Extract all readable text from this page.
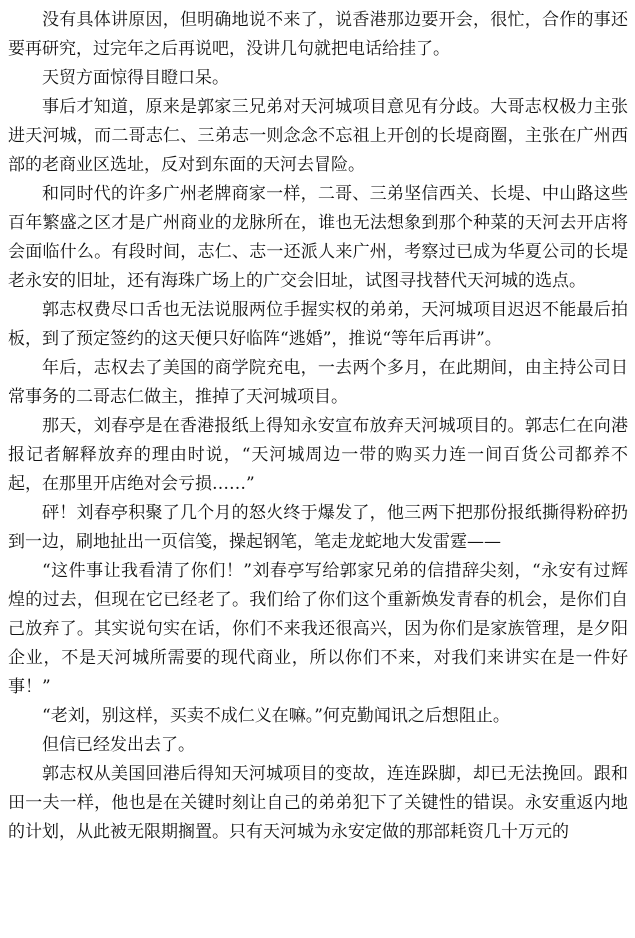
没有具体讲原因，但明确地说不来了，说香港那边要开会，很忙，合作的事还要再研究，过完年之后再说吧，没讲几句就把电话给挂了。

天贸方面惊得目瞪口呆。

事后才知道，原来是郭家三兄弟对天河城项目意见有分歧。大哥志权极力主张进天河城，而二哥志仁、三弟志一则念念不忘祖上开创的长堤商圈，主张在广州西部的老商业区选址，反对到东面的天河去冒险。

和同时代的许多广州老牌商家一样，二哥、三弟坚信西关、长堤、中山路这些百年繁盛之区才是广州商业的龙脉所在，谁也无法想象到那个种菜的天河去开店将会面临什么。有段时间，志仁、志一还派人来广州，考察过已成为华夏公司的长堤老永安的旧址，还有海珠广场上的广交会旧址，试图寻找替代天河城的选点。

郭志权费尽口舌也无法说服两位手握实权的弟弟，天河城项目迟迟不能最后拍板，到了预定签约的这天便只好临阵“逃婚”，推说“等年后再讲”。

年后，志权去了美国的商学院充电，一去两个多月，在此期间，由主持公司日常事务的二哥志仁做主，推掉了天河城项目。

那天，刘春亭是在香港报纸上得知永安宣布放弃天河城项目的。郭志仁在向港报记者解释放弃的理由时说，“天河城周边一带的购买力连一间百货公司都养不起，在那里开店绝对会亏损……”

砰！刘春亭积聚了几个月的怒火终于爆发了，他三两下把那份报纸撕得粉碎扔到一边，刷地扯出一页信笺，操起钢笔，笔走龙蛇地大发雷霆——

“这件事让我看清了你们！”刘春亭写给郭家兄弟的信措辞尖刻，“永安有过辉煌的过去，但现在它已经老了。我们给了你们这个重新焕发青春的机会，是你们自己放弃了。其实说句实在话，你们不来我还很高兴，因为你们是家族管理，是夕阳企业，不是天河城所需要的现代商业，所以你们不来，对我们来讲实在是一件好事！”

“老刘，别这样，买卖不成仁义在嘛。”何克勤闻讯之后想阻止。

但信已经发出去了。

郭志权从美国回港后得知天河城项目的变故，连连跺脚，却已无法挽回。跟和田一夫一样，他也是在关键时刻让自己的弟弟犯下了关键性的错误。永安重返内地的计划，从此被无限期搁置。只有天河城为永安定做的那部耗资几十万元的
